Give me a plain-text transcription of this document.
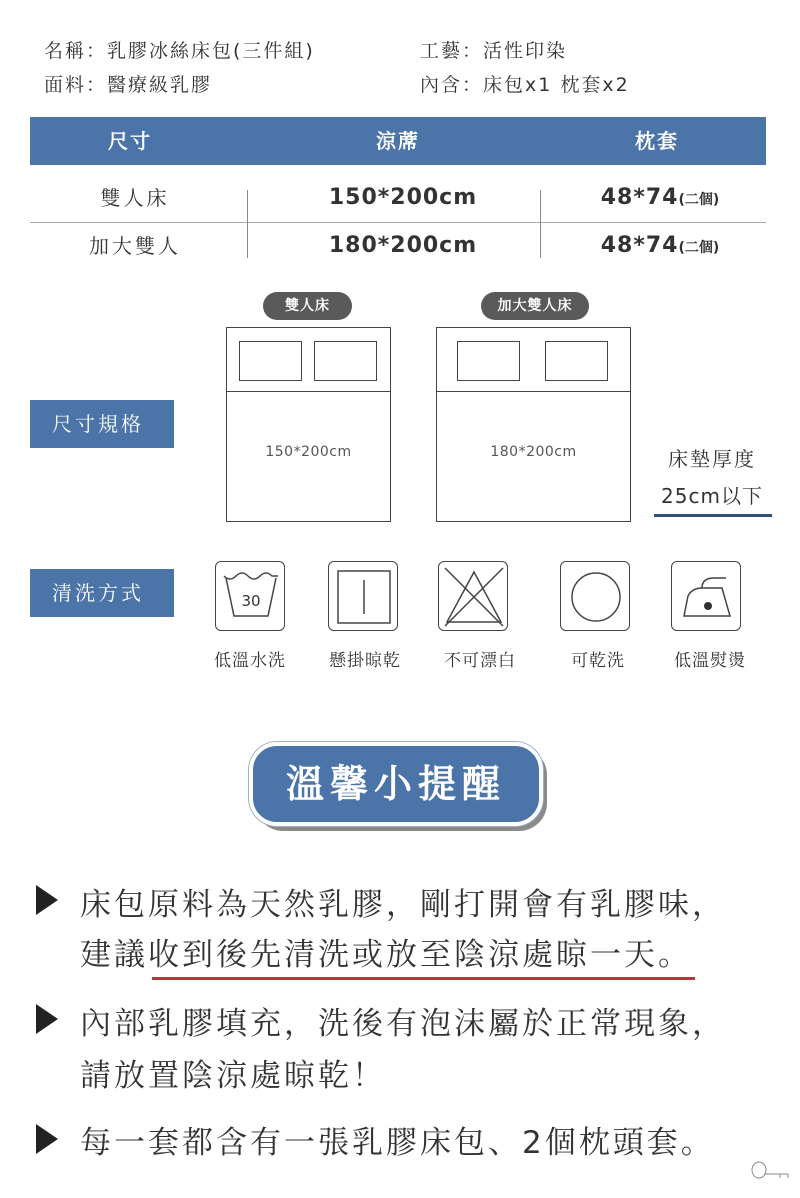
名稱：乳膠冰絲床包(三件組)
面料：醫療級乳膠
工藝：活性印染
內含：床包x1 枕套x2
尺寸	涼蓆	枕套
雙人床	150*200cm	48*74(二個)
加大雙人	180*200cm	48*74(二個)
尺寸規格
雙人床	加大雙人床
150*200cm	180*200cm	床墊厚度
25cm以下
清洗方式	30
低溫水洗	懸掛晾乾	不可漂白	可乾洗	低溫熨燙
溫馨小提醒
床包原料為天然乳膠，剛打開會有乳膠味，
建議收到後先清洗或放至陰涼處晾一天。
內部乳膠填充，洗後有泡沫屬於正常現象，
請放置陰涼處晾乾！
每一套都含有一張乳膠床包、2個枕頭套。
